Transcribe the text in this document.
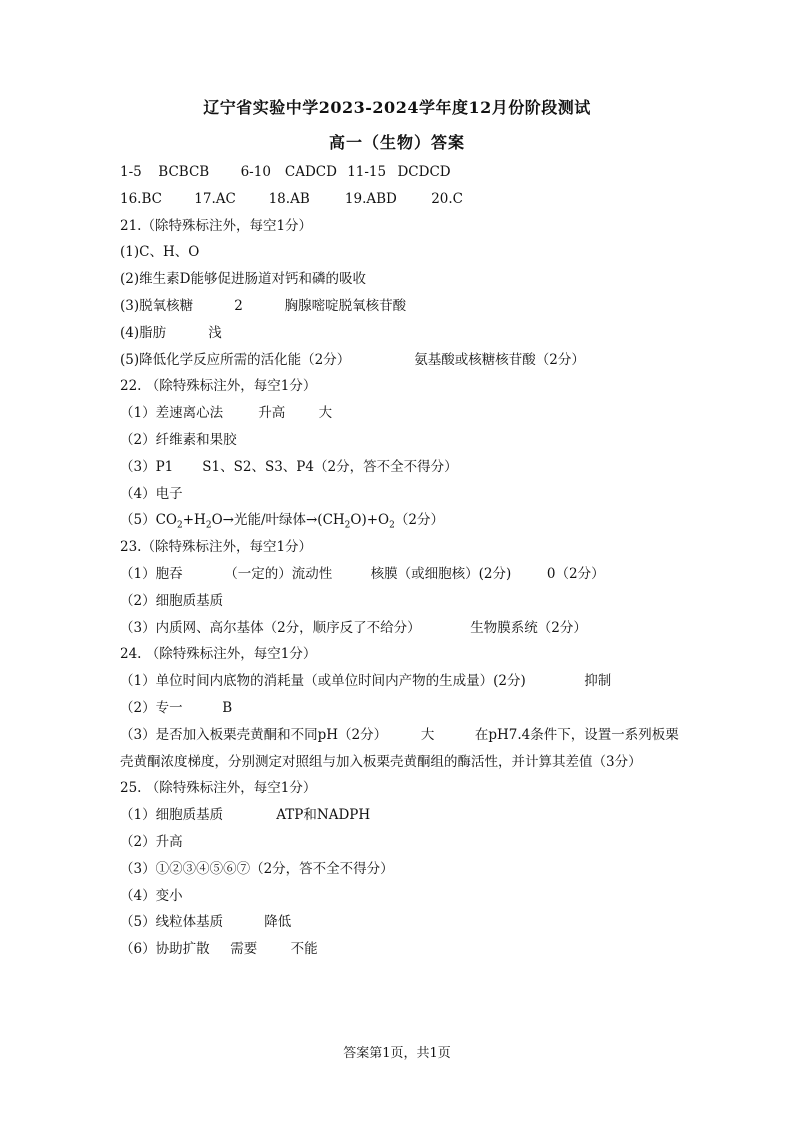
辽宁省实验中学2023-2024学年度12月份阶段测试
高一（生物）答案
1-5 BCBCB 6-10 CADCD 11-15 DCDCD
16.BC 17.AC 18.AB	19.ABD	20.C
21.（除特殊标注外，每空1分）
(1)C、H、O
(2)维生素D能够促进肠道对钙和磷的吸收
(3)脱氧核糖	2	胸腺嘧啶脱氧核苷酸
(4)脂肪	浅
(5)降低化学反应所需的活化能（2分）	氨基酸或核糖核苷酸（2分）
22. （除特殊标注外，每空1分）
（1）差速离心法	升高 大
（2）纤维素和果胶
（3）P1 S1、S2、S3、P4（2分，答不全不得分）
（4）电子
$(5)CO_2+H_2O\to$光能/叶绿体$\to(CH_2O)+O_2(2$分）
23.（除特殊标注外，每空1分）
（1）胞吞	（一定的）流动性	核膜（或细胞核）(2分)	0（2分）
（2）细胞质基质
（3）内质网、高尔基体（2分，顺序反了不给分）	生物膜系统（2分）
24. （除特殊标注外，每空1分）
（1）单位时间内底物的消耗量（或单位时间内产物的生成量）(2分)	抑制
（2）专一	B
（3）是否加入板栗壳黄酮和不同pH（2分）　　　大　　　在pH7.4条件下，设置一系列板栗壳黄酮浓度梯度，分别测定对照组与加入板栗壳黄酮组的酶活性，并计算其差值（3分）
25. （除特殊标注外，每空1分）
（1）细胞质基质	ATP和NADPH
（2）升高
（3）①②③④⑤⑥⑦（2分，答不全不得分）
（4）变小
（5）线粒体基质	降低
（6）协助扩散 需要 不能
答案第1页，共1页
